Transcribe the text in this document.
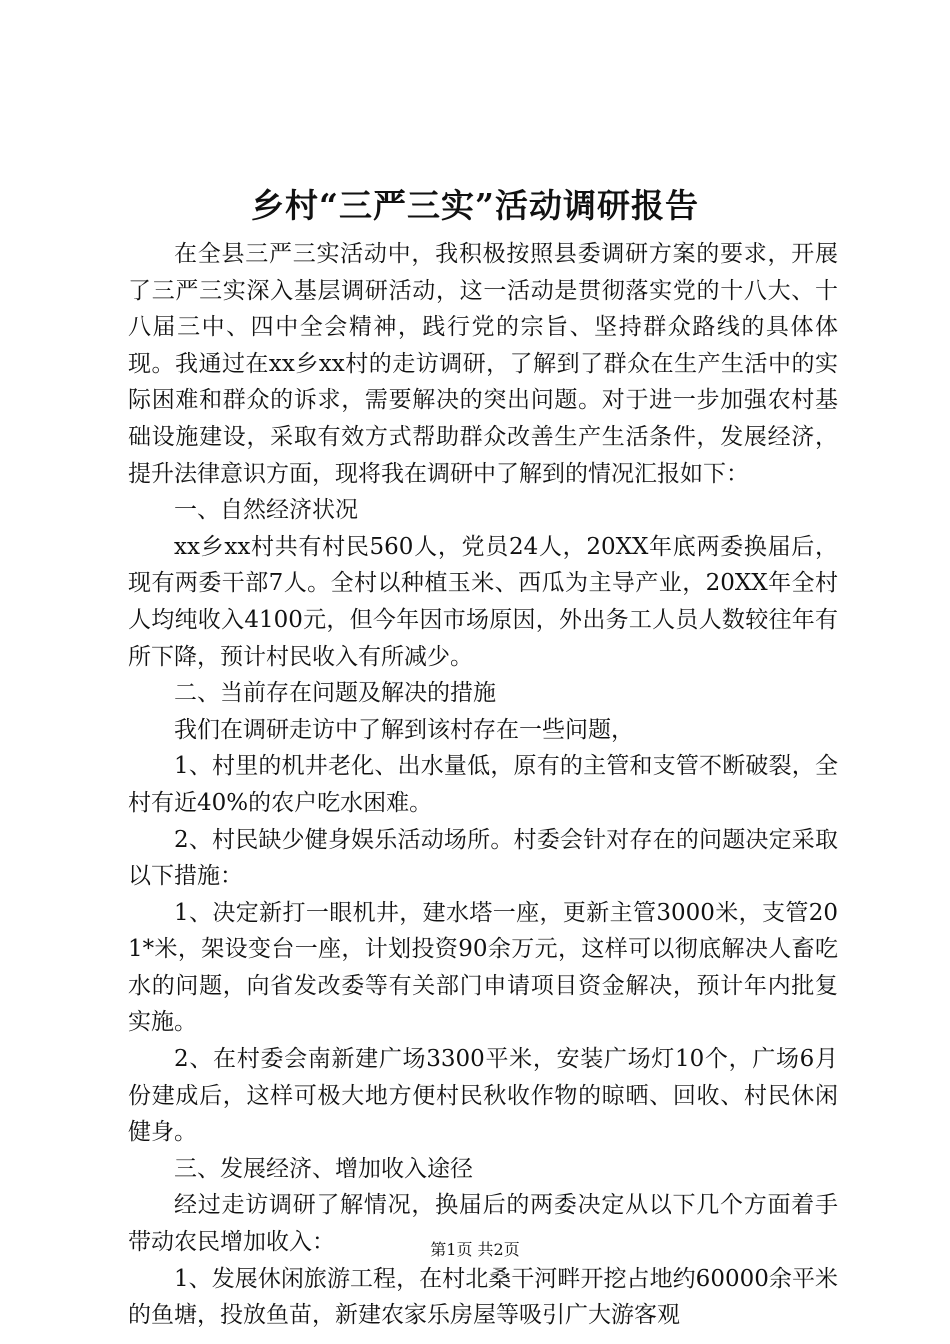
乡村“三严三实”活动调研报告

在全县三严三实活动中，我积极按照县委调研方案的要求，开展了三严三实深入基层调研活动，这一活动是贯彻落实党的十八大、十八届三中、四中全会精神，践行党的宗旨、坚持群众路线的具体体现。我通过在xx乡xx村的走访调研，了解到了群众在生产生活中的实际困难和群众的诉求，需要解决的突出问题。对于进一步加强农村基础设施建设，采取有效方式帮助群众改善生产生活条件，发展经济，提升法律意识方面，现将我在调研中了解到的情况汇报如下：

一、自然经济状况

xx乡xx村共有村民560人，党员24人，20XX年底两委换届后，现有两委干部7人。全村以种植玉米、西瓜为主导产业，20XX年全村人均纯收入4100元，但今年因市场原因，外出务工人员人数较往年有所下降，预计村民收入有所减少。

二、当前存在问题及解决的措施

我们在调研走访中了解到该村存在一些问题，

1、村里的机井老化、出水量低，原有的主管和支管不断破裂，全村有近40%的农户吃水困难。

2、村民缺少健身娱乐活动场所。村委会针对存在的问题决定采取以下措施：

1、决定新打一眼机井，建水塔一座，更新主管3000米，支管201*米，架设变台一座，计划投资90余万元，这样可以彻底解决人畜吃水的问题，向省发改委等有关部门申请项目资金解决，预计年内批复实施。

2、在村委会南新建广场3300平米，安装广场灯10个，广场6月份建成后，这样可极大地方便村民秋收作物的晾晒、回收、村民休闲健身。

三、发展经济、增加收入途径

经过走访调研了解情况，换届后的两委决定从以下几个方面着手带动农民增加收入：

1、发展休闲旅游工程，在村北桑干河畔开挖占地约60000余平米的鱼塘，投放鱼苗，新建农家乐房屋等吸引广大游客观

第1页 共2页
